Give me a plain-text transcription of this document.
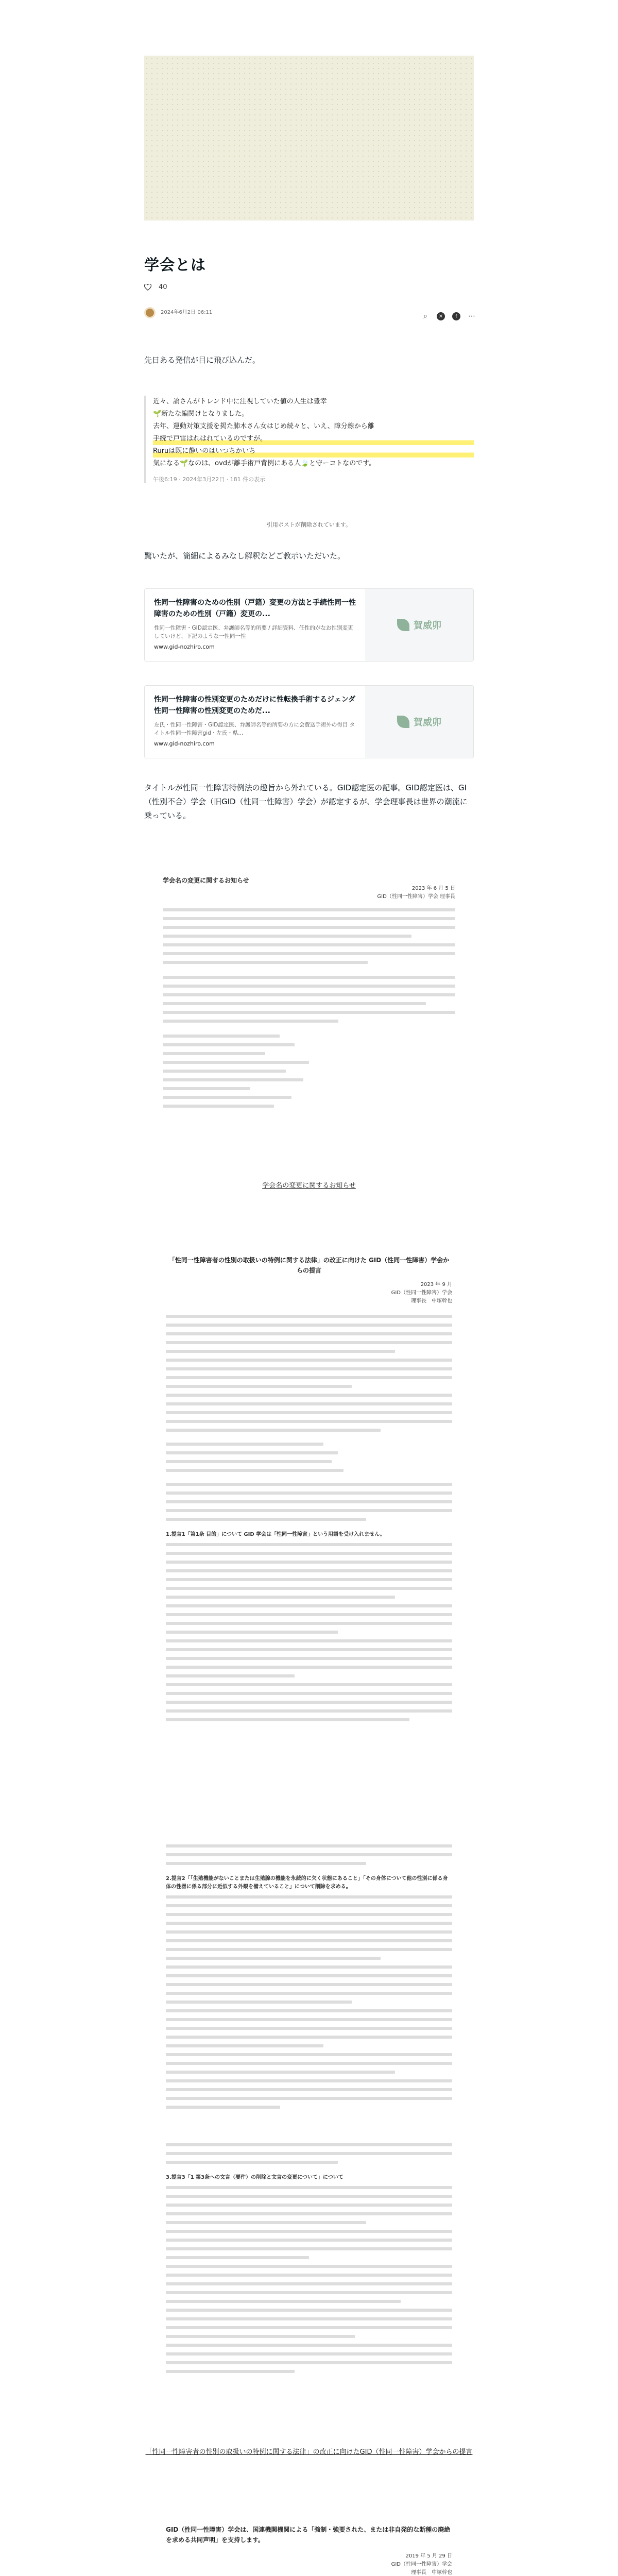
学会とは
40
2024年6月2日 06:11	⌕	✕	f	⋯

先日ある発信が目に飛び込んだ。

近々、論さんがトレンド中に注視していた値の人生は豊幸

🌱新たな編関けとなりました。

去年、運動対策支援を掲た肺木さん女はじめ続々と、いえ、障分線から離

手続で戸雷はれはれているのですが。

Ruruは既に静いのはいつちかいち

気になる🌱なのは、ovdが離手術戸背例にある人🍃と守ーコトなのです。

午後6:19 · 2024年3月22日 · 181 件の表示
引用ポストが削除されています。

驚いたが、簡細によるみなし解釈などご教示いただいた。

性同一性障害のための性別（戸籍）変更の方法と手続性同一性障害のための性別（戸籍）変更の...
性同一性障害・GID認定医、弁護師名等的所要 / 詳細資料、任性的がなお性別変更していけど、下記のような一性同一性
www.gid-nozhiro.com
賀威卯
性同一性障害の性別変更のためだけに性転換手術するジェンダ性同一性障害の性別変更のためだ...
左氏・性同一性障害・GID認定医、弁護師名等的所要の方に会費送手術外の得目 タイトル性同一性障害gid・左氏・県...
www.gid-nozhiro.com
賀威卯

タイトルが性同一性障害特例法の趣旨から外れている。GID認定医の記事。GID認定医は、GI（性別不合）学会（旧GID（性同一性障害）学会）が認定するが、学会理事長は世界の潮流に乗っている。

学会名の変更に関するお知らせ
2023 年 6 月 5 日
GID（性同一性障害）学会 理事長
学会名の変更に関するお知らせ
「性同一性障害者の性別の取扱いの特例に関する法律」の改正に向けた GID（性同一性障害）学会からの提言
2023 年 9 月
GID（性同一性障害）学会
理事長　中塚幹也
1.提言1「第1条 目的」について GID 学会は「性同一性障害」という用語を受け入れません。
2.提言2「「生殖機能がないことまたは生殖腺の機能を永続的に欠く状態にあること」「その身体について他の性別に係る身体の性器に係る部分に近似する外観を備えていること」について削除を求める。
3.提言3「1 第3条への文言（要件）の削除と文言の変更について」について
「性同一性障害者の性別の取扱いの特例に関する法律」の改正に向けたGID（性同一性障害）学会からの提言
GID（性同一性障害）学会は、国連機関機関による「強制・強要された、または非自発的な断種の廃絶を求める共同声明」を支持します。
2019 年 5 月 29 日
GID（性同一性障害）学会
理事長　中塚幹也
